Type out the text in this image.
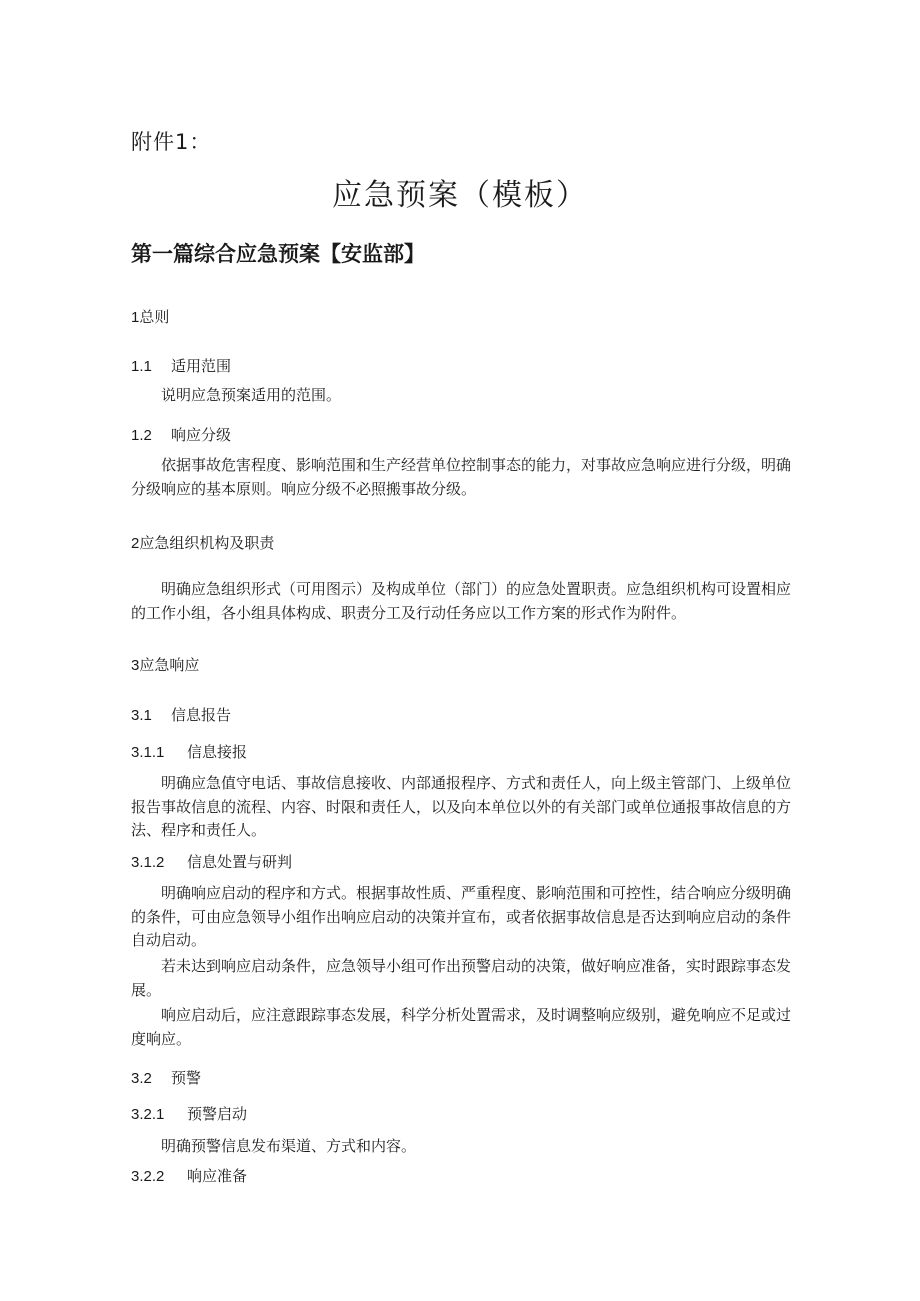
附件1：
应急预案（模板）
第一篇综合应急预案【安监部】
1总则
1.1 适用范围
说明应急预案适用的范围。
1.2 响应分级
依据事故危害程度、影响范围和生产经营单位控制事态的能力，对事故应急响应进行分级，明确分级响应的基本原则。响应分级不必照搬事故分级。
2应急组织机构及职责
明确应急组织形式（可用图示）及构成单位（部门）的应急处置职责。应急组织机构可设置相应的工作小组，各小组具体构成、职责分工及行动任务应以工作方案的形式作为附件。
3应急响应
3.1 信息报告
3.1.1 信息接报
明确应急值守电话、事故信息接收、内部通报程序、方式和责任人，向上级主管部门、上级单位报告事故信息的流程、内容、时限和责任人，以及向本单位以外的有关部门或单位通报事故信息的方法、程序和责任人。
3.1.2 信息处置与研判
明确响应启动的程序和方式。根据事故性质、严重程度、影响范围和可控性，结合响应分级明确的条件，可由应急领导小组作出响应启动的决策并宣布，或者依据事故信息是否达到响应启动的条件自动启动。
若未达到响应启动条件，应急领导小组可作出预警启动的决策，做好响应准备，实时跟踪事态发展。
响应启动后，应注意跟踪事态发展，科学分析处置需求，及时调整响应级别，避免响应不足或过度响应。
3.2 预警
3.2.1 预警启动
明确预警信息发布渠道、方式和内容。
3.2.2 响应准备
